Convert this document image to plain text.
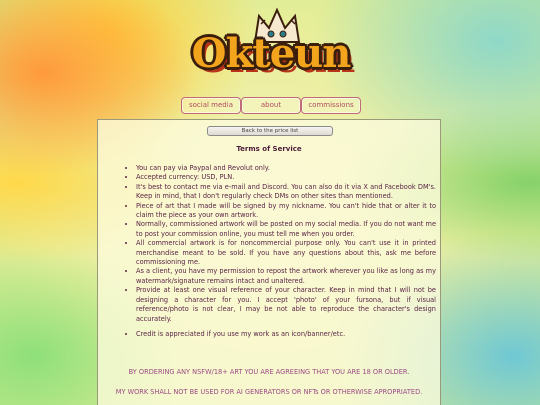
Okteun
social media	about	commissions
Back to the price list
Terms of Service
• You can pay via Paypal and Revolut only.
• Accepted currency: USD, PLN.
• It's best to contact me via e-mail and Discord. You can also do it via X and Facebook DM's. Keep in mind, that I don't regularly check DMs on other sites than mentioned.
• Piece of art that I made will be signed by my nickname. You can't hide that or alter it to claim the piece as your own artwork.
• Normally, commissioned artwork will be posted on my social media. If you do not want me to post your commission online, you must tell me when you order.
• All commercial artwork is for noncommercial purpose only. You can't use it in printed merchandise meant to be sold. If you have any questions about this, ask me before commissioning me.
• As a client, you have my permission to repost the artwork wherever you like as long as my watermark/signature remains intact and unaltered.
• Provide at least one visual reference of your character. Keep in mind that I will not be designing a character for you. I accept 'photo' of your fursona, but if visual reference/photo is not clear, I may be not able to reproduce the character's design accurately.
• Credit is appreciated if you use my work as an icon/banner/etc.
BY ORDERING ANY NSFW/18+ ART YOU ARE AGREEING THAT YOU ARE 18 OR OLDER.
MY WORK SHALL NOT BE USED FOR AI GENERATORS OR NFTs OR OTHERWISE APROPRIATED.
